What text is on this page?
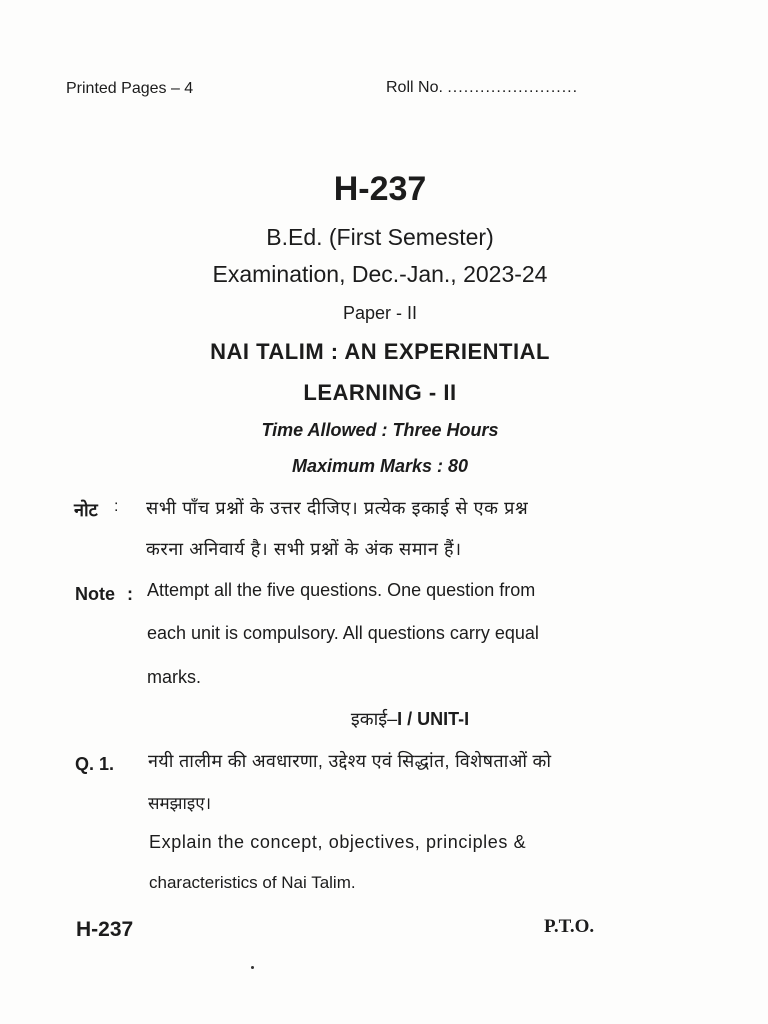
Printed Pages – 4	Roll No. ........................
H-237
B.Ed. (First Semester)
Examination, Dec.-Jan., 2023-24
Paper - II
NAI TALIM : AN EXPERIENTIAL
LEARNING - II
Time Allowed : Three Hours
Maximum Marks : 80
नोट : सभी पाँच प्रश्नों के उत्तर दीजिए। प्रत्येक इकाई से एक प्रश्न
करना अनिवार्य है। सभी प्रश्नों के अंक समान हैं।
Note : Attempt all the five questions. One question from
each unit is compulsory. All questions carry equal
marks.
इकाई–I / UNIT-I
Q. 1. नयी तालीम की अवधारणा, उद्देश्य एवं सिद्धांत, विशेषताओं को
समझाइए।
Explain the concept, objectives, principles &
characteristics of Nai Talim.
H-237	P.T.O.
